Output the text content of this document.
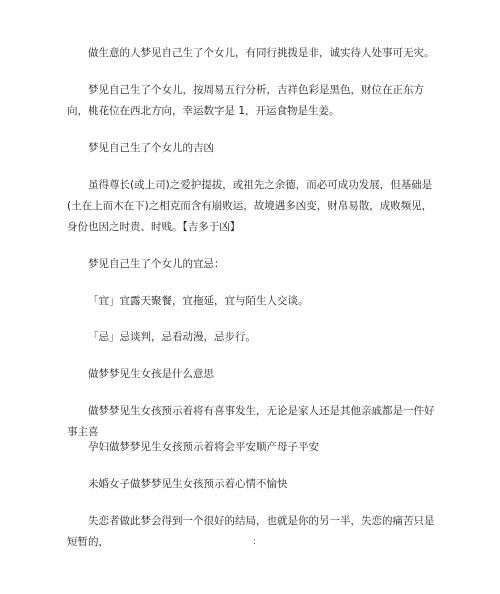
做生意的人梦见自己生了个女儿，有同行挑拨是非，诚实待人处事可无灾。

梦见自己生了个女儿，按周易五行分析，吉祥色彩是黑色，财位在正东方向，桃花位在西北方向，幸运数字是 1，开运食物是生姜。

梦见自己生了个女儿的吉凶

虽得尊长(或上司)之爱护提拔，或祖先之余德，而必可成功发展，但基础是(土在上而木在下)之相克而含有崩败运，故境遇多凶变，财帛易散，成败频见，身份也因之时贵、时贱。【吉多于凶】

梦见自己生了个女儿的宜忌：

「宜」宜露天聚餐，宜拖延，宜与陌生人交谈。

「忌」忌谈判，忌看动漫，忌步行。

做梦梦见生女孩是什么意思

做梦梦见生女孩预示着将有喜事发生，无论是家人还是其他亲戚都是一件好事主喜

孕妇做梦梦见生女孩预示着将会平安顺产母子平安

未婚女子做梦梦见生女孩预示着心情不愉快

失恋者做此梦会得到一个很好的结局，也就是你的另一半，失恋的痛苦只是短暂的，	:
